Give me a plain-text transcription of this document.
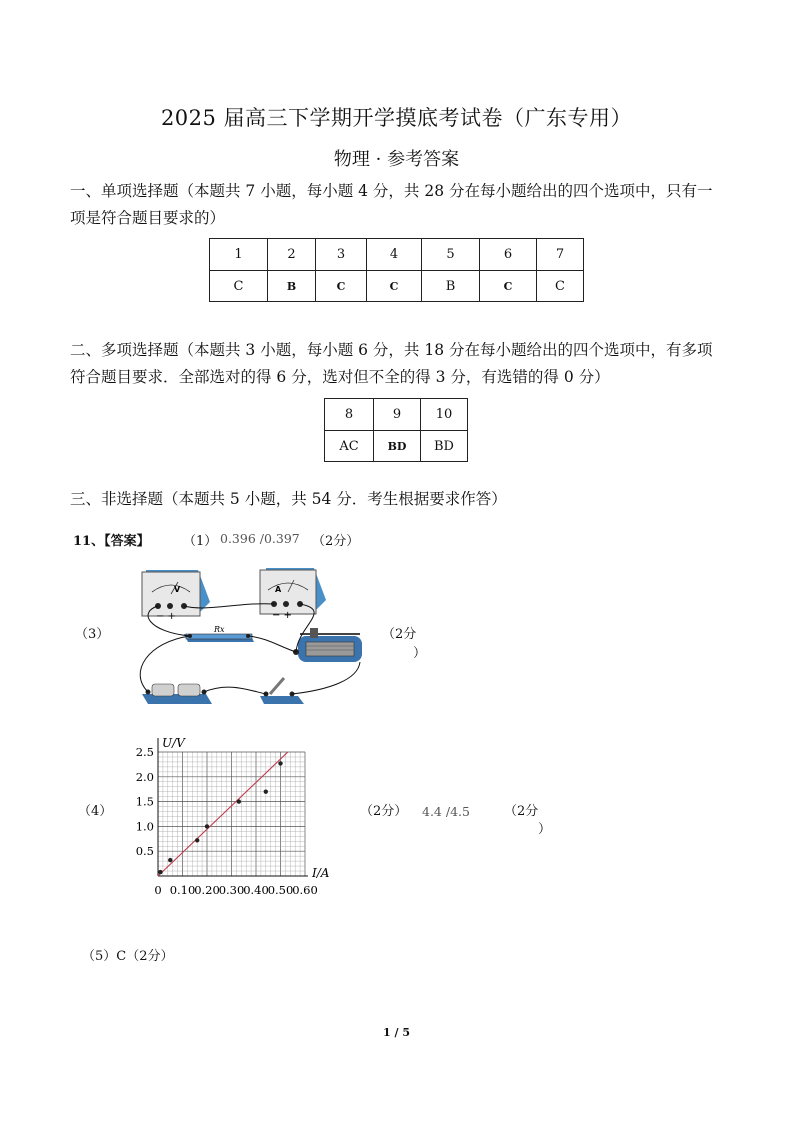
2025 届高三下学期开学摸底考试卷（广东专用）
物理 · 参考答案
一、单项选择题（本题共 7 小题，每小题 4 分，共 28 分在每小题给出的四个选项中，只有一
项是符合题目要求的）
1	2	3	4	5	6	7
C	B	C	C	B	C	C
二、多项选择题（本题共 3 小题，每小题 6 分，共 18 分在每小题给出的四个选项中，有多项
符合题目要求．全部选对的得 6 分，选对但不全的得 3 分，有选错的得 0 分）
8	9	10
AC	BD	BD
三、非选择题（本题共 5 小题，共 54 分．考生根据要求作答）
11、【答案】	（1） 0.396 /0.397 （2分）
（3）	（2分
）
− +
V
− +
A
Rx
（4）	（2分） 4.4 /4.5	（2分
）
0 0.10
0.20
0.30
0.40
0.50
0.60
0.5
1.0
1.5
2.0
2.5
U/V
I/A
（5）C（2分）
1 / 5
